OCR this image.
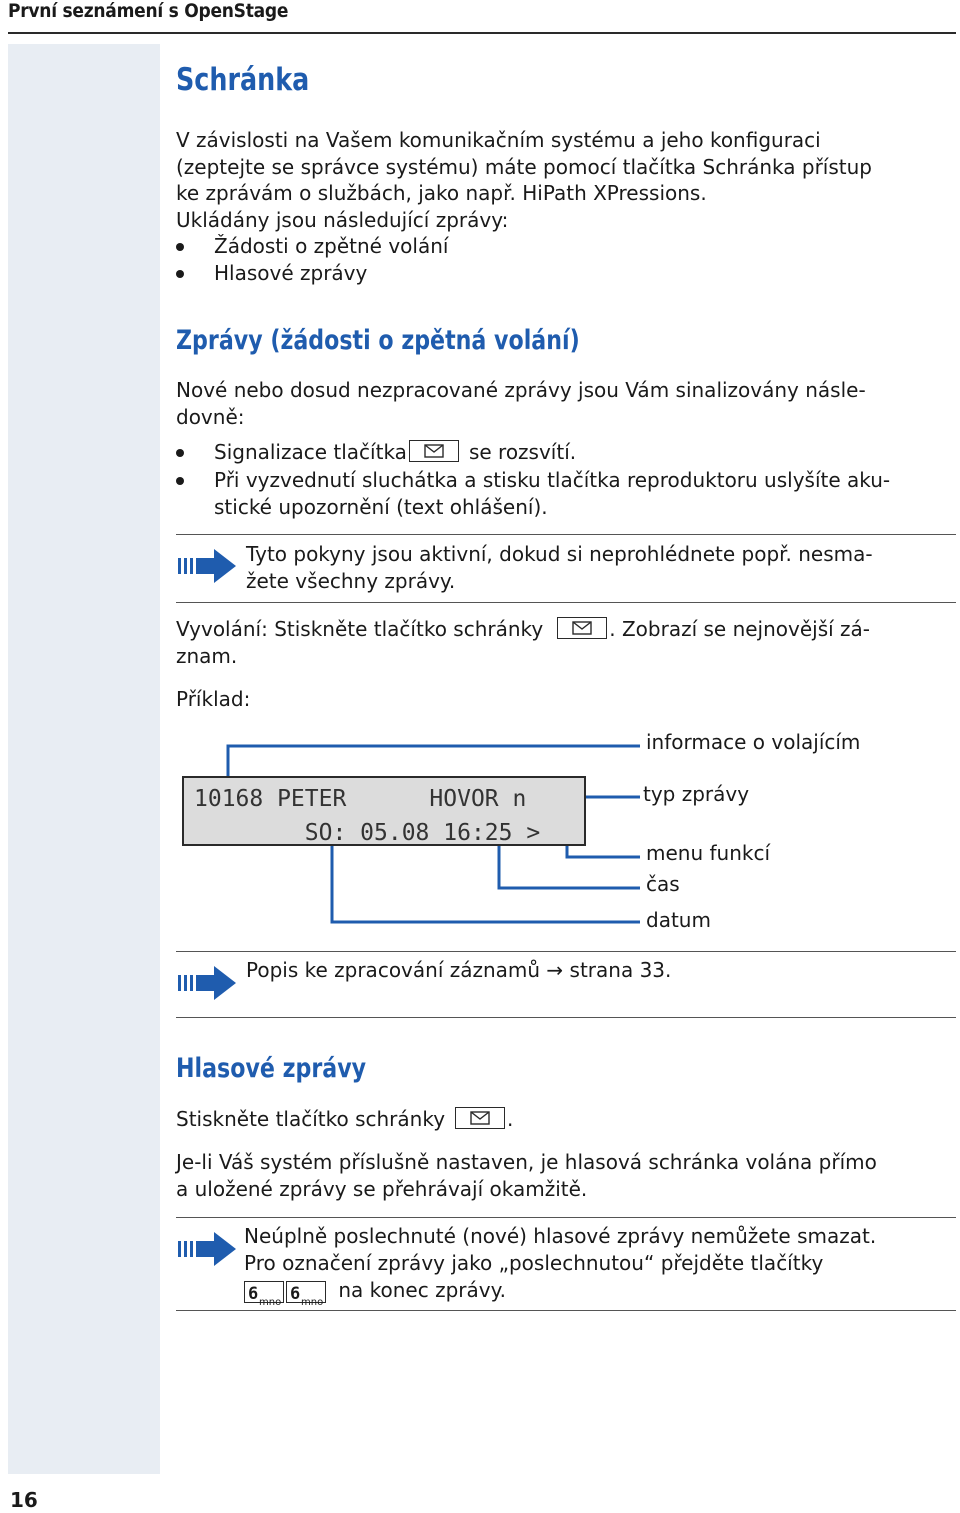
První seznámení s OpenStage
16
Schránka
V závislosti na Vašem komunikačním systému a jeho konfiguraci
(zeptejte se správce systému) máte pomocí tlačítka Schránka přístup
ke zprávám o službách, jako např. HiPath XPressions.
Ukládány jsou následující zprávy:
Žádosti o zpětné volání
Hlasové zprávy
Zprávy (žádosti o zpětná volání)
Nové nebo dosud nezpracované zprávy jsou Vám sinalizovány násle-
dovně:
Signalizace tlačítka	se rozsvítí.
Při vyzvednutí sluchátka a stisku tlačítka reproduktoru uslyšíte aku-
stické upozornění (text ohlášení).
Tyto pokyny jsou aktivní, dokud si neprohlédnete popř. nesma-
žete všechny zprávy.
Vyvolání: Stiskněte tlačítko schránky	. Zobrazí se nejnovější zá-
znam.
Příklad:
10168 PETER      HOVOR n
SO: 05.08 16:25 >
informace o volajícím
typ zprávy
menu funkcí
čas
datum
Popis ke zpracování záznamů → strana 33.
Hlasové zprávy
Stiskněte tlačítko schránky	.
Je-li Váš systém příslušně nastaven, je hlasová schránka volána přímo
a uložené zprávy se přehrávají okamžitě.
Neúplně poslechnuté (nové) hlasové zprávy nemůžete smazat.
Pro označení zprávy jako „poslechnutou“ přejděte tlačítky
6 mno 6 mno na konec zprávy.
